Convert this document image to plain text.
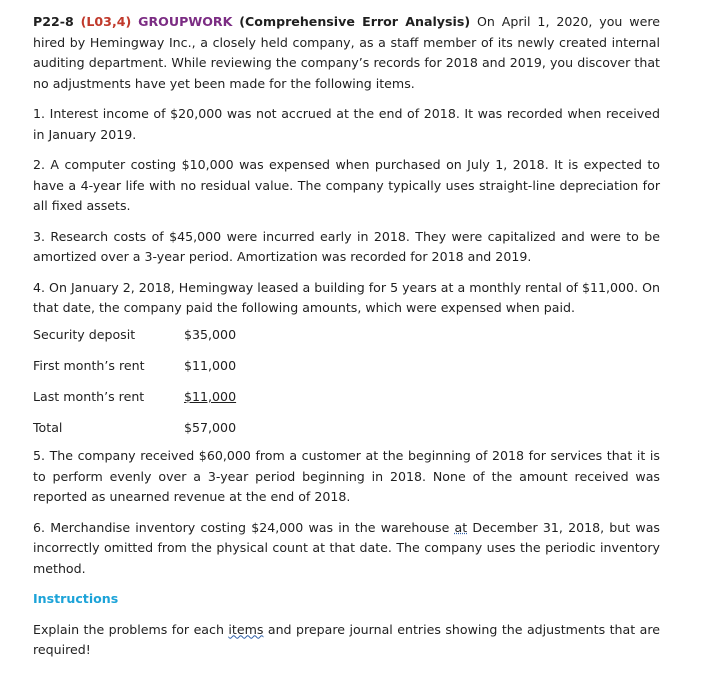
P22-8 (L03,4) GROUPWORK (Comprehensive Error Analysis) On April 1, 2020, you were hired by Hemingway Inc., a closely held company, as a staff member of its newly created internal auditing department. While reviewing the company’s records for 2018 and 2019, you discover that no adjustments have yet been made for the following items.

1. Interest income of $20,000 was not accrued at the end of 2018. It was recorded when received in January 2019.

2. A computer costing $10,000 was expensed when purchased on July 1, 2018. It is expected to have a 4-year life with no residual value. The company typically uses straight-line depreciation for all fixed assets.

3. Research costs of $45,000 were incurred early in 2018. They were capitalized and were to be amortized over a 3-year period. Amortization was recorded for 2018 and 2019.

4. On January 2, 2018, Hemingway leased a building for 5 years at a monthly rental of $11,000. On that date, the company paid the following amounts, which were expensed when paid.

Security deposit	$35,000
First month’s rent	$11,000
Last month’s rent	$11,000
Total	$57,000

5. The company received $60,000 from a customer at the beginning of 2018 for services that it is to perform evenly over a 3-year period beginning in 2018. None of the amount received was reported as unearned revenue at the end of 2018.

6. Merchandise inventory costing $24,000 was in the warehouse at December 31, 2018, but was incorrectly omitted from the physical count at that date. The company uses the periodic inventory method.

Instructions

Explain the problems for each items and prepare journal entries showing the adjustments that are required!
